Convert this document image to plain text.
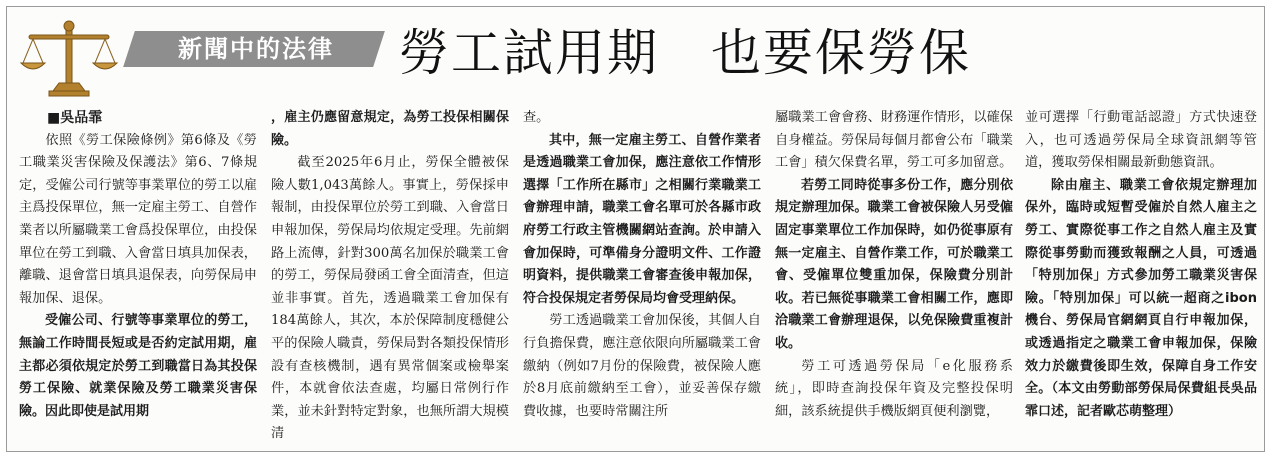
新聞中的法律	勞工試用期　也要保勞保

■吳品霏

依照《勞工保險條例》第6條及《勞工職業災害保險及保護法》第6、7條規定，受僱公司行號等事業單位的勞工以雇主爲投保單位，無一定雇主勞工、自營作業者以所屬職業工會爲投保單位，由投保單位在勞工到職、入會當日填具加保表，離職、退會當日填具退保表，向勞保局申報加保、退保。

受僱公司、行號等事業單位的勞工，無論工作時間長短或是否約定試用期，雇主都必須依規定於勞工到職當日為其投保勞工保險、就業保險及勞工職業災害保險。因此即使是試用期

，雇主仍應留意規定，為勞工投保相關保險。

截至2025年6月止，勞保全體被保險人數1,043萬餘人。事實上，勞保採申報制，由投保單位於勞工到職、入會當日申報加保，勞保局均依規定受理。先前網路上流傳，針對300萬名加保於職業工會的勞工，勞保局發函工會全面清查，但這並非事實。首先，透過職業工會加保有184萬餘人，其次，本於保障制度穩健公平的保險人職責，勞保局對各類投保情形設有查核機制，遇有異常個案或檢舉案件，本就會依法查處，均屬日常例行作業，並未針對特定對象，也無所謂大規模清

查。

其中，無一定雇主勞工、自營作業者是透過職業工會加保，應注意依工作情形選擇「工作所在縣市」之相關行業職業工會辦理申請，職業工會名單可於各縣市政府勞工行政主管機關網站查詢。於申請入會加保時，可準備身分證明文件、工作證明資料，提供職業工會審查後申報加保，符合投保規定者勞保局均會受理納保。

勞工透過職業工會加保後，其個人自行負擔保費，應注意依限向所屬職業工會繳納（例如7月份的保險費，被保險人應於8月底前繳納至工會），並妥善保存繳費收據，也要時常關注所

屬職業工會會務、財務運作情形，以確保自身權益。勞保局每個月都會公布「職業工會」積欠保費名單，勞工可多加留意。

若勞工同時從事多份工作，應分別依規定辦理加保。職業工會被保險人另受僱固定事業單位工作加保時，如仍從事原有無一定雇主、自營作業工作，可於職業工會、受僱單位雙重加保，保險費分別計收。若已無從事職業工會相關工作，應即洽職業工會辦理退保，以免保險費重複計收。

勞工可透過勞保局「e化服務系統」，即時查詢投保年資及完整投保明細，該系統提供手機版網頁便利瀏覽，

並可選擇「行動電話認證」方式快速登入，也可透過勞保局全球資訊網等管道，獲取勞保相關最新動態資訊。

除由雇主、職業工會依規定辦理加保外，臨時或短暫受僱於自然人雇主之勞工、實際從事工作之自然人雇主及實際從事勞動而獲致報酬之人員，可透過「特別加保」方式參加勞工職業災害保險。「特別加保」可以統一超商之ibon機台、勞保局官網網頁自行申報加保，或透過指定之職業工會申報加保，保險效力於繳費後即生效，保障自身工作安全。（本文由勞動部勞保局保費組長吳品霏口述，記者歐芯萌整理）
